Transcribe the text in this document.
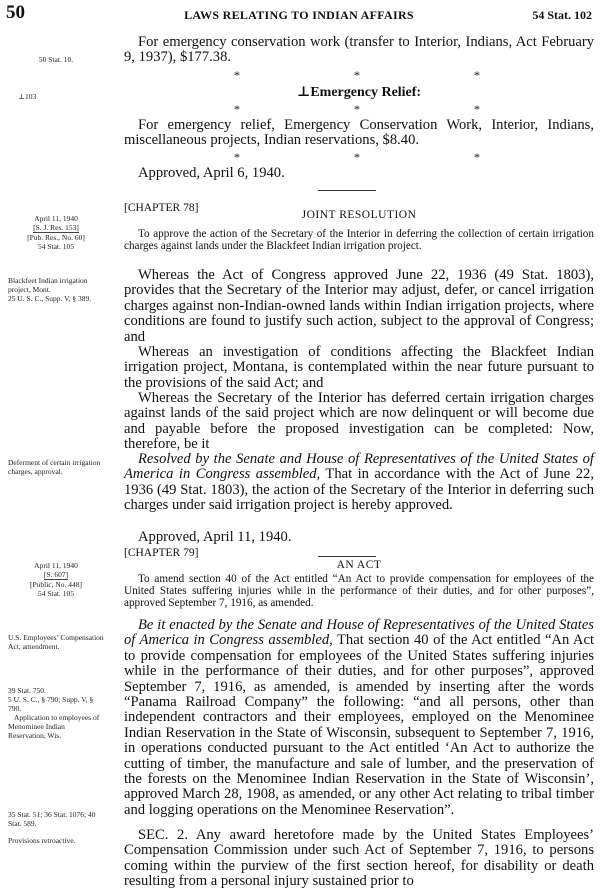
50	LAWS RELATING TO INDIAN AFFAIRS	54 Stat. 102
50 Stat. 10.
For emergency conservation work (transfer to Interior, Indians, Act February 9, 1937), $177.38.
*	*	*
⊥103	⊥Emergency Relief:
*	*	*
For emergency relief, Emergency Conservation Work, Interior, Indians, miscellaneous projects, Indian reservations, $8.40.
*	*	*
Approved, April 6, 1940.
[CHAPTER 78]
JOINT RESOLUTION
April 11, 1940
[S. J. Res. 153]
[Pub. Res., No. 60]
54 Stat. 105
To approve the action of the Secretary of the Interior in deferring the collection of certain irrigation charges against lands under the Blackfeet Indian irrigation project.
Blackfeet Indian irrigation project, Mont.
25 U. S. C., Supp. V, § 389.
Whereas the Act of Congress approved June 22, 1936 (49 Stat. 1803), provides that the Secretary of the Interior may adjust, defer, or cancel irrigation charges against non-Indian-owned lands within Indian irrigation projects, where conditions are found to justify such action, subject to the approval of Congress; and
Whereas an investigation of conditions affecting the Blackfeet Indian irrigation project, Montana, is contemplated within the near future pursuant to the provisions of the said Act; and
Whereas the Secretary of the Interior has deferred certain irrigation charges against lands of the said project which are now delinquent or will become due and payable before the proposed investigation can be completed: Now, therefore, be it
Deferment of certain irrigation charges, approval.
Resolved by the Senate and House of Representatives of the United States of America in Congress assembled, That in accordance with the Act of June 22, 1936 (49 Stat. 1803), the action of the Secretary of the Interior in deferring such charges under said irrigation project is hereby approved.
Approved, April 11, 1940.
[CHAPTER 79]
AN ACT
April 11, 1940
[S. 607]
[Public, No. 448]
54 Stat. 105
To amend section 40 of the Act entitled “An Act to provide compensation for employees of the United States suffering injuries while in the performance of their duties, and for other purposes”, approved September 7, 1916, as amended.
U.S. Employees’ Compensation Act, amendment.
39 Stat. 750.
5 U. S. C., § 790; Supp. V, § 790.
Application to employees of Menominee Indian Reservation, Wis.
Be it enacted by the Senate and House of Representatives of the United States of America in Congress assembled, That section 40 of the Act entitled “An Act to provide compensation for employees of the United States suffering injuries while in the performance of their duties, and for other purposes”, approved September 7, 1916, as amended, is amended by inserting after the words “Panama Railroad Company” the following: “and all persons, other than independent contractors and their employees, employed on the Menominee Indian Reservation in the State of Wisconsin, subsequent to September 7, 1916, in operations conducted pursuant to the Act entitled ‘An Act to authorize the cutting of timber, the manufacture and sale of lumber, and the preservation of the forests on the Menominee Indian Reservation in the State of Wisconsin’, approved March 28, 1908, as amended, or any other Act relating to tribal timber and logging operations on the Menominee Reservation”.
35 Stat. 51; 36 Stat. 1076; 40 Stat. 589.
Provisions retroactive.	SEC. 2. Any award heretofore made by the United States Employees’ Compensation Commission under such Act of September 7, 1916, to persons coming within the purview of the first section hereof, for disability or death resulting from a personal injury sustained prior to
